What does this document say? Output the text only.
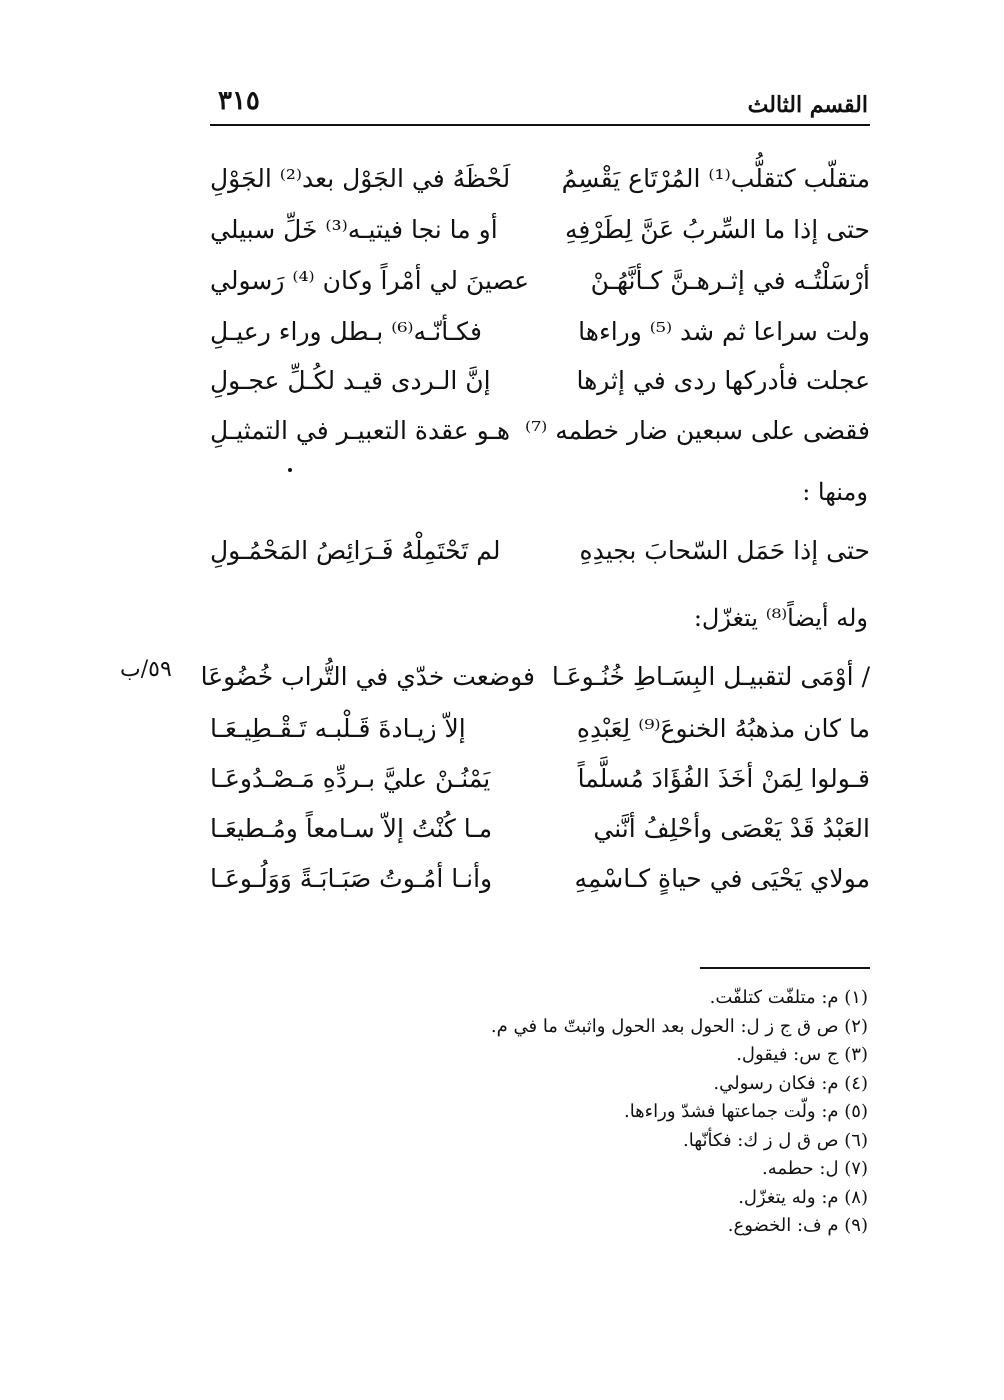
القسم الثالث
٣١٥
متقلّب كتقلُّب⁽¹⁾ المُرْتَاع يَقْسِمُ
لَحْظَهُ في الجَوْل بعد⁽²⁾ الجَوْلِ
حتى إذا ما السِّربُ عَنَّ لِطَرْفِهِ
أو ما نجا فيتيـه⁽³⁾ خَلِّ سبيلي
أرْسَلْتُـه في إثـرهـنَّ كـأنَّهُـنْ
عصينَ لي أمْراً وكان ⁽⁴⁾ رَسولي
ولت سراعا ثم شد ⁽⁵⁾ وراءها
فكـأنّـه⁽⁶⁾ بـطل وراء رعيـلِ
عجلت فأدركها ردى في إثرها
إنَّ الـردى قيـد لكُـلِّ عجـولِ
فقضى على سبعين ضار خطمه ⁽⁷⁾
هـو عقدة التعبيـر في التمثيـلِ
ومنها :
حتى إذا حَمَل السّحابَ بجيدِهِ
لم تَحْتَمِلْهُ فَـرَائِصُ المَحْمُـولِ
وله أيضاً⁽⁸⁾ يتغزّل:
٥٩/ب	/ أوْمَى لتقبيـل البِسَـاطِ خُنُـوعَـا
فوضعت خدّي في التُّراب خُضُوعَا
ما كان مذهبُهُ الخنوعَ⁽⁹⁾ لِعَبْدِهِ
إلاّ زيـادةَ قَـلْبـه تَـقْـطِيـعَـا
قـولوا لِمَنْ أخَذَ الفُؤَادَ مُسلَّماً
يَمْنُـنْ عليَّ بـردِّهِ مَـصْـدُوعَـا
العَبْدُ قَدْ يَعْصَى وأحْلِفُ أنَّني
مـا كُنْتُ إلاّ سـامعاً ومُـطيعَـا
مولاي يَحْيَى في حياةٍ كـاسْمِهِ
وأنـا أمُـوتُ صَبَـابَـةً وَوَلُـوعَـا
(١) م: متلفّت كتلفّت.
(٢) ص ق ج ز ل: الحول بعد الحول واثبتّ ما في م.
(٣) ج س: فيقول.
(٤) م: فكان رسولي.
(٥) م: ولّت جماعتها فشدّ وراءها.
(٦) ص ق ل ز ك: فكأنّها.
(٧) ل: حطمه.
(٨) م: وله يتغزّل.
(٩) م ف: الخضوع.
